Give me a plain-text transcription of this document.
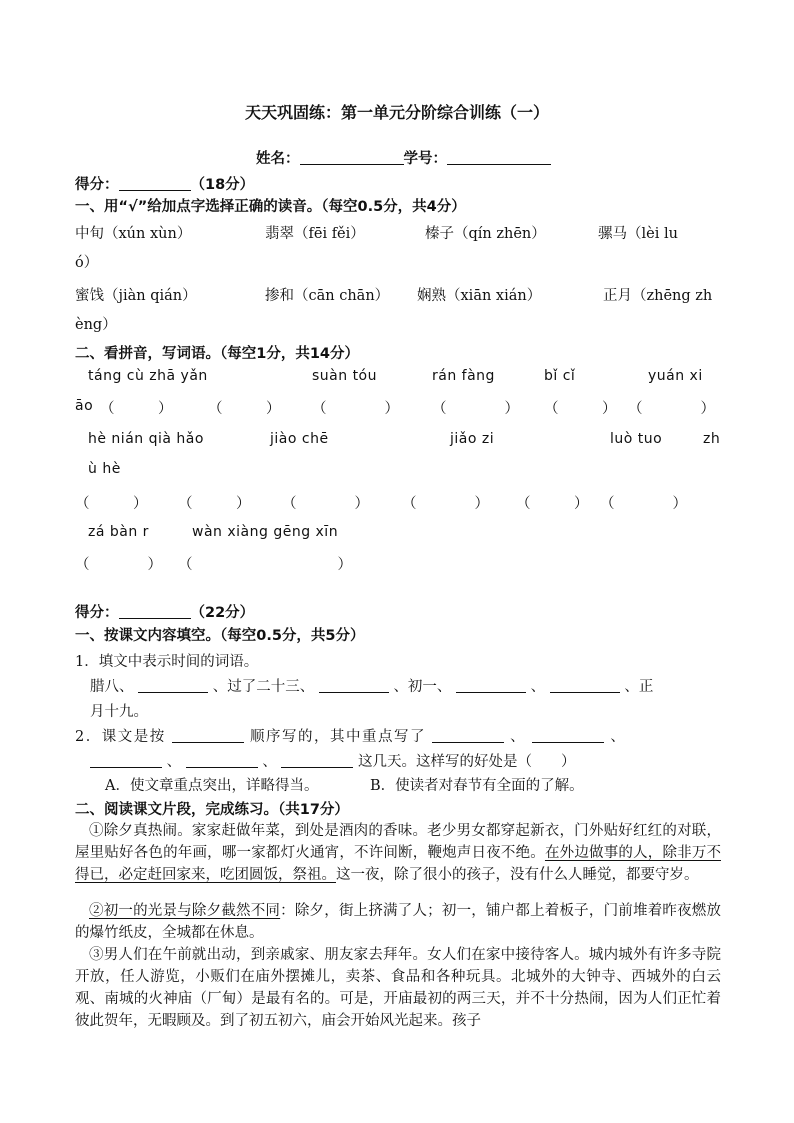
天天巩固练：第一单元分阶综合训练（一）
姓名：	学号：
得分：	（18分）
一、用“√”给加点字选择正确的读音。（每空0.5分，共4分）
中旬（xún xùn）	翡翠（fēi fěi）	榛子（qín zhēn）	骡马（lèi lu
ó）
蜜饯（jiàn qián）	掺和（cān chān） 娴熟（xiān xián）	正月（zhēng zh
èng）
二、看拼音，写词语。（每空1分，共14分）
táng cù zhā yǎn	suàn tóu	rán fàng	bǐ cǐ	yuán xi
āo （　　　） （　　　） （　　　　） （　　　　） （　　　） （　　　　）
hè nián qià hǎo	jiào chē	jiǎo zi	luò tuo	zh
ù hè
（　　　） （　　　） （　　　　） （　　　　） （　　　） （　　　　）
zá bàn r	wàn xiàng gēng xīn
（　　　　） （　　　　　　　　　　）
得分：	（22分）
一、按课文内容填空。（每空0.5分，共5分）
1．填文中表示时间的词语。
腊八、	、过了二十三、	、初一、	、	、正
月十九。
2．课文是按	顺序写的，其中重点写了	、	、
、	、	这几天。这样写的好处是（　　）
A．使文章重点突出，详略得当。	B．使读者对春节有全面的了解。
二、阅读课文片段，完成练习。（共17分）
①除夕真热闹。家家赶做年菜，到处是酒肉的香味。老少男女都穿起新衣，门外贴好红红的对联，屋里贴好各色的年画，哪一家都灯火通宵，不许间断，鞭炮声日夜不绝。在外边做事的人，除非万不得已，必定赶回家来，吃团圆饭，祭祖。这一夜，除了很小的孩子，没有什么人睡觉，都要守岁。
②初一的光景与除夕截然不同：除夕，街上挤满了人；初一，铺户都上着板子，门前堆着昨夜燃放的爆竹纸皮，全城都在休息。
③男人们在午前就出动，到亲戚家、朋友家去拜年。女人们在家中接待客人。城内城外有许多寺院开放，任人游览，小贩们在庙外摆摊儿，卖茶、食品和各种玩具。北城外的大钟寺、西城外的白云观、南城的火神庙（厂甸）是最有名的。可是，开庙最初的两三天，并不十分热闹，因为人们正忙着彼此贺年，无暇顾及。到了初五初六，庙会开始风光起来。孩子
